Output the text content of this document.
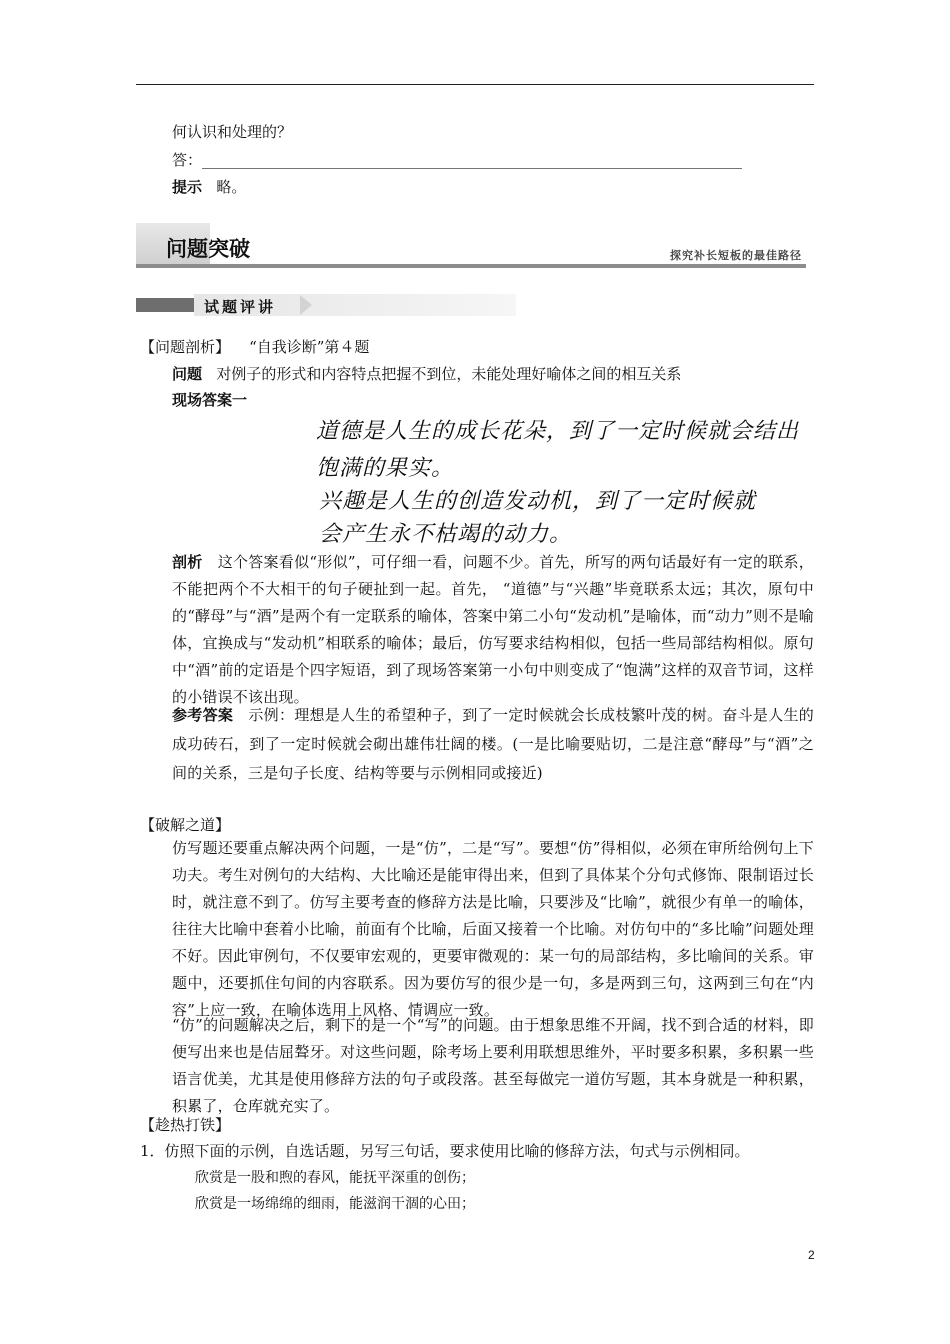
何认识和处理的？
答：________________________________________________________________________
提示 略。
问题突破	探究补长短板的最佳路径
试题评讲
【问题剖析】 “自我诊断”第４题
问题 对例子的形式和内容特点把握不到位，未能处理好喻体之间的相互关系
现场答案一
道德是人生的成长花朵，到了一定时候就会结出
饱满的果实。
兴趣是人生的创造发动机，到了一定时候就
会产生永不枯竭的动力。
剖析 这个答案看似“形似”，可仔细一看，问题不少。首先，所写的两句话最好有一定的联系，不能把两个不大相干的句子硬扯到一起。首先， “道德”与“兴趣”毕竟联系太远；其次，原句中的“酵母”与“酒”是两个有一定联系的喻体，答案中第二小句“发动机”是喻体，而“动力”则不是喻体，宜换成与“发动机”相联系的喻体；最后，仿写要求结构相似，包括一些局部结构相似。原句中“酒”前的定语是个四字短语，到了现场答案第一小句中则变成了“饱满”这样的双音节词，这样的小错误不该出现。
参考答案 示例：理想是人生的希望种子，到了一定时候就会长成枝繁叶茂的树。奋斗是人生的成功砖石，到了一定时候就会砌出雄伟壮阔的楼。(一是比喻要贴切，二是注意“酵母”与“酒”之间的关系，三是句子长度、结构等要与示例相同或接近)
【破解之道】
仿写题还要重点解决两个问题，一是“仿”，二是“写”。要想“仿”得相似，必须在审所给例句上下功夫。考生对例句的大结构、大比喻还是能审得出来，但到了具体某个分句式修饰、限制语过长时，就注意不到了。仿写主要考查的修辞方法是比喻，只要涉及“比喻”，就很少有单一的喻体，往往大比喻中套着小比喻，前面有个比喻，后面又接着一个比喻。对仿句中的“多比喻”问题处理不好。因此审例句，不仅要审宏观的，更要审微观的：某一句的局部结构，多比喻间的关系。审题中，还要抓住句间的内容联系。因为要仿写的很少是一句，多是两到三句，这两到三句在“内容”上应一致，在喻体选用上风格、情调应一致。
“仿”的问题解决之后，剩下的是一个“写”的问题。由于想象思维不开阔，找不到合适的材料，即便写出来也是佶屈聱牙。对这些问题，除考场上要利用联想思维外，平时要多积累，多积累一些语言优美，尤其是使用修辞方法的句子或段落。甚至每做完一道仿写题，其本身就是一种积累，积累了，仓库就充实了。
【趁热打铁】
1．仿照下面的示例，自选话题，另写三句话，要求使用比喻的修辞方法，句式与示例相同。
欣赏是一股和煦的春风，能抚平深重的创伤；
欣赏是一场绵绵的细雨，能滋润干涸的心田；
2
